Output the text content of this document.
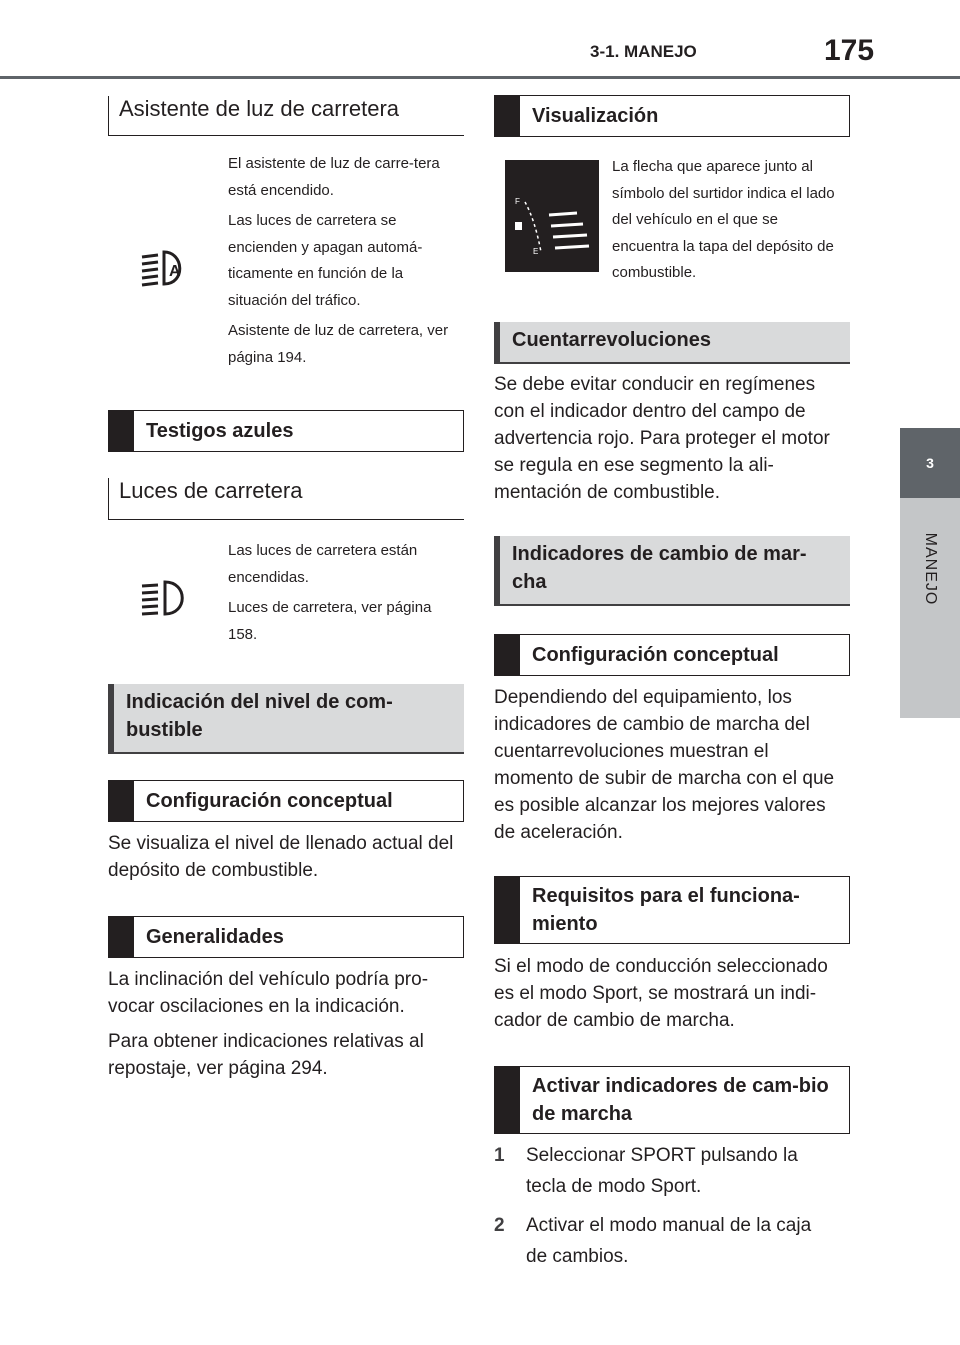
3-1. MANEJO	175
3
MANEJO
Asistente de luz de carretera
A

El asistente de luz de carre-tera está encendido.

Las luces de carretera se encienden y apagan automá-ticamente en función de la situación del tráfico.

Asistente de luz de carretera, ver página 194.

Testigos azules
Luces de carretera

Las luces de carretera están encendidas.

Luces de carretera, ver página 158.

Indicación del nivel de com-bustible
Configuración conceptual

Se visualiza el nivel de llenado actual del depósito de combustible.

Generalidades

La inclinación del vehículo podría pro-vocar oscilaciones en la indicación.

Para obtener indicaciones relativas al repostaje, ver página 294.

Visualización
F
E

La flecha que aparece junto al símbolo del surtidor indica el lado del vehículo en el que se encuentra la tapa del depósito de combustible.

Cuentarrevoluciones

Se debe evitar conducir en regímenes con el indicador dentro del campo de advertencia rojo. Para proteger el motor se regula en ese segmento la ali-mentación de combustible.

Indicadores de cambio de mar-cha
Configuración conceptual

Dependiendo del equipamiento, los indicadores de cambio de marcha del cuentarrevoluciones muestran el momento de subir de marcha con el que es posible alcanzar los mejores valores de aceleración.

Requisitos para el funciona-miento

Si el modo de conducción seleccionado es el modo Sport, se mostrará un indi-cador de cambio de marcha.

Activar indicadores de cam-bio de marcha
1	Seleccionar SPORT pulsando la tecla de modo Sport.
2	Activar el modo manual de la caja de cambios.
